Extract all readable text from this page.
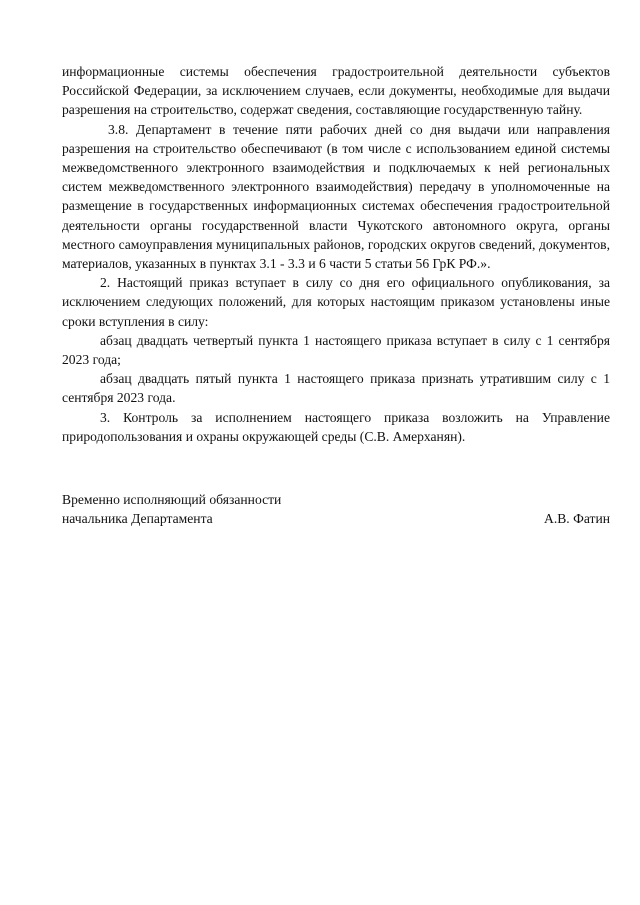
информационные системы обеспечения градостроительной деятельности субъектов Российской Федерации, за исключением случаев, если документы, необходимые для выдачи разрешения на строительство, содержат сведения, составляющие государственную тайну.

3.8. Департамент в течение пяти рабочих дней со дня выдачи или направления разрешения на строительство обеспечивают (в том числе с использованием единой системы межведомственного электронного взаимодействия и подключаемых к ней региональных систем межведомственного электронного взаимодействия) передачу в уполномоченные на размещение в государственных информационных системах обеспечения градостроительной деятельности органы государственной власти Чукотского автономного округа, органы местного самоуправления муниципальных районов, городских округов сведений, документов, материалов, указанных в пунктах 3.1 - 3.3 и 6 части 5 статьи 56 ГрК РФ.».

2. Настоящий приказ вступает в силу со дня его официального опубликования, за исключением следующих положений, для которых настоящим приказом установлены иные сроки вступления в силу:

абзац двадцать четвертый пункта 1 настоящего приказа вступает в силу с 1 сентября 2023 года;

абзац двадцать пятый пункта 1 настоящего приказа признать утратившим силу с 1 сентября 2023 года.

3. Контроль за исполнением настоящего приказа возложить на Управление природопользования и охраны окружающей среды (С.В. Амерханян).

Временно исполняющий обязанности
начальника Департамента	А.В. Фатин
